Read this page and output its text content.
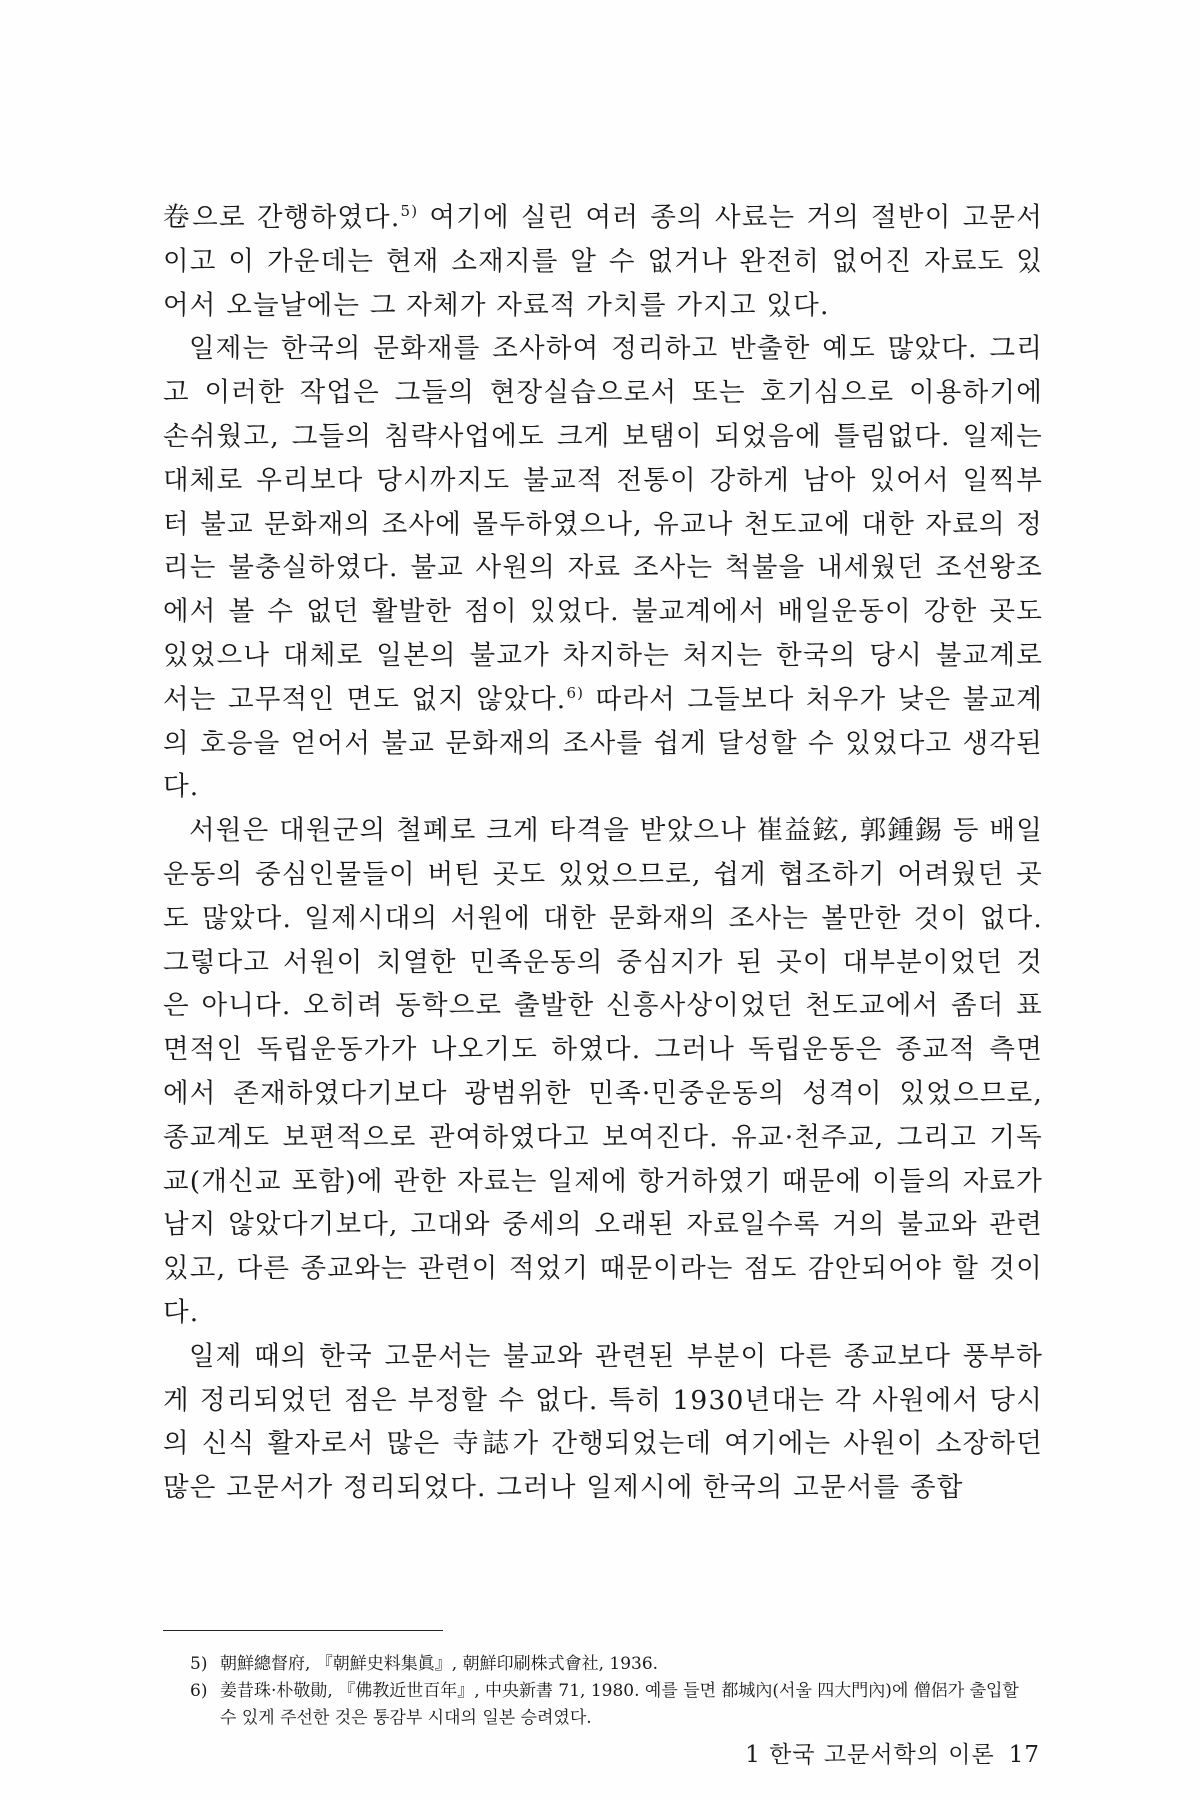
卷으로 간행하였다.$^{5)}$ 여기에 실린 여러 종의 사료는 거의 절반이 고문서이고 이 가운데는 현재 소재지를 알 수 없거나 완전히 없어진 자료도 있어서 오늘날에는 그 자체가 자료적 가치를 가지고 있다.

일제는 한국의 문화재를 조사하여 정리하고 반출한 예도 많았다. 그리고 이러한 작업은 그들의 현장실습으로서 또는 호기심으로 이용하기에 손쉬웠고, 그들의 침략사업에도 크게 보탬이 되었음에 틀림없다. 일제는 대체로 우리보다 당시까지도 불교적 전통이 강하게 남아 있어서 일찍부터 불교 문화재의 조사에 몰두하였으나, 유교나 천도교에 대한 자료의 정리는 불충실하였다. 불교 사원의 자료 조사는 척불을 내세웠던 조선왕조에서 볼 수 없던 활발한 점이 있었다. 불교계에서 배일운동이 강한 곳도 있었으나 대체로 일본의 불교가 차지하는 처지는 한국의 당시 불교계로서는 고무적인 면도 없지 않았다.$^{6)}$ 따라서 그들보다 처우가 낮은 불교계의 호응을 얻어서 불교 문화재의 조사를 쉽게 달성할 수 있었다고 생각된다.

서원은 대원군의 철폐로 크게 타격을 받았으나 崔益鉉, 郭鍾錫 등 배일운동의 중심인물들이 버틴 곳도 있었으므로, 쉽게 협조하기 어려웠던 곳도 많았다. 일제시대의 서원에 대한 문화재의 조사는 볼만한 것이 없다. 그렇다고 서원이 치열한 민족운동의 중심지가 된 곳이 대부분이었던 것은 아니다. 오히려 동학으로 출발한 신흥사상이었던 천도교에서 좀더 표면적인 독립운동가가 나오기도 하였다. 그러나 독립운동은 종교적 측면에서 존재하였다기보다 광범위한 민족·민중운동의 성격이 있었으므로, 종교계도 보편적으로 관여하였다고 보여진다. 유교·천주교, 그리고 기독교(개신교 포함)에 관한 자료는 일제에 항거하였기 때문에 이들의 자료가 남지 않았다기보다, 고대와 중세의 오래된 자료일수록 거의 불교와 관련있고, 다른 종교와는 관련이 적었기 때문이라는 점도 감안되어야 할 것이다.

일제 때의 한국 고문서는 불교와 관련된 부분이 다른 종교보다 풍부하게 정리되었던 점은 부정할 수 없다. 특히 1930년대는 각 사원에서 당시의 신식 활자로서 많은 寺誌가 간행되었는데 여기에는 사원이 소장하던 많은 고문서가 정리되었다. 그러나 일제시에 한국의 고문서를 종합

5) 朝鮮總督府, 『朝鮮史料集眞』, 朝鮮印刷株式會社, 1936.
6) 姜昔珠·朴敬勛, 『佛教近世百年』, 中央新書 71, 1980. 예를 들면 都城內(서울 四大門內)에 僧侶가 출입할 수 있게 주선한 것은 통감부 시대의 일본 승려였다.
1 한국 고문서학의 이론 17
